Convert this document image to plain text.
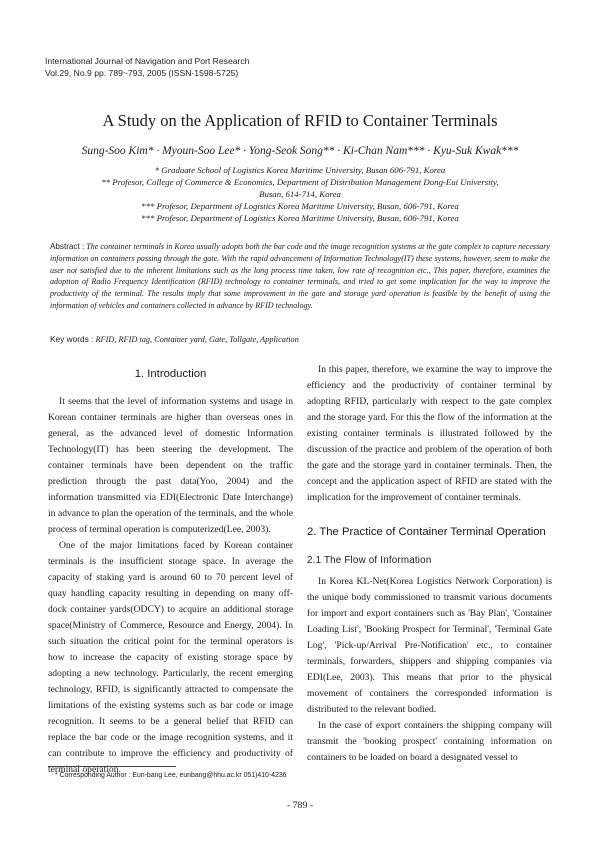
International Journal of Navigation and Port Research
Vol.29, No.9 pp. 789~793, 2005 (ISSN-1598-5725)
A Study on the Application of RFID to Container Terminals
Sung-Soo Kim* · Myoun-Soo Lee* · Yong-Seok Song** · Ki-Chan Nam*** · Kyu-Suk Kwak***
* Graduate School of Logistics Korea Maritime University, Busan 606-791, Korea
** Profesor, College of Commerce & Economics, Department of Distribution Management Dong-Eui University,
Busan, 614-714, Korea
*** Profesor, Department of Logistics Korea Maritime University, Busan, 606-791, Korea
*** Profesor, Department of Logistics Korea Maritime University, Busan, 606-791, Korea
Abstract : The container terminals in Korea usually adopts both the bar code and the image recognition systems at the gate complex to capture necessary information on containers passing through the gate. With the rapid advancement of Information Technology(IT) these systems, however, seem to make the user not satisfied due to the inherent limitations such as the long process time taken, low rate of recognition etc., This paper, therefore, examines the adoption of Radio Frequency Identification (RFID) technology to container terminals, and tried to get some implication for the way to improve the productivity of the terminal. The results imply that some improvement in the gate and storage yard operation is feasible by the benefit of using the information of vehicles and containers collected in advance by RFID technology.
Key words : RFID, RFID tag, Container yard, Gate, Tollgate, Application
1. Introduction

It seems that the level of information systems and usage in Korean container terminals are higher than overseas ones in general, as the advanced level of domestic Information Technology(IT) has been steering the development. The container terminals have been dependent on the traffic prediction through the past data(Yoo, 2004) and the information transmitted via EDI(Electronic Date Interchange) in advance to plan the operation of the terminals, and the whole process of terminal operation is computerized(Lee, 2003).

One of the major limitations faced by Korean container terminals is the insufficient storage space. In average the capacity of staking yard is around 60 to 70 percent level of quay handling capacity resulting in depending on many off-dock container yards(ODCY) to acquire an additional storage space(Ministry of Commerce, Resource and Energy, 2004). In such situation the critical point for the terminal operators is how to increase the capacity of existing storage space by adopting a new technology. Particularly, the recent emerging technology, RFID, is significantly attracted to compensate the limitations of the existing systems such as bar code or image recognition. It seems to be a general belief that RFID can replace the bar code or the image recognition systems, and it can contribute to improve the efficiency and productivity of terminal operation.

In this paper, therefore, we examine the way to improve the efficiency and the productivity of container terminal by adopting RFID, particularly with respect to the gate complex and the storage yard. For this the flow of the information at the existing container terminals is illustrated followed by the discussion of the practice and problem of the operation of both the gate and the storage yard in container terminals. Then, the concept and the application aspect of RFID are stated with the implication for the improvement of container terminals.

2. The Practice of Container Terminal Operation
2.1 The Flow of Information

In Korea KL-Net(Korea Logistics Network Corporation) is the unique body commissioned to transmit various documents for import and export containers such as 'Bay Plan', 'Container Loading List', 'Booking Prospect for Terminal', 'Terminal Gate Log', 'Pick-up/Arrival Pre-Notification' etc., to container terminals, forwarders, shippers and shipping companies via EDI(Lee, 2003). This means that prior to the physical movement of containers the corresponded information is distributed to the relevant bodied.

In the case of export containers the shipping company will transmit the 'booking prospect' containing information on containers to be loaded on board a designated vessel to

* Corresponding Author : Eun-bang Lee, eunbang@hhu.ac.kr 051)410-4236
- 789 -
